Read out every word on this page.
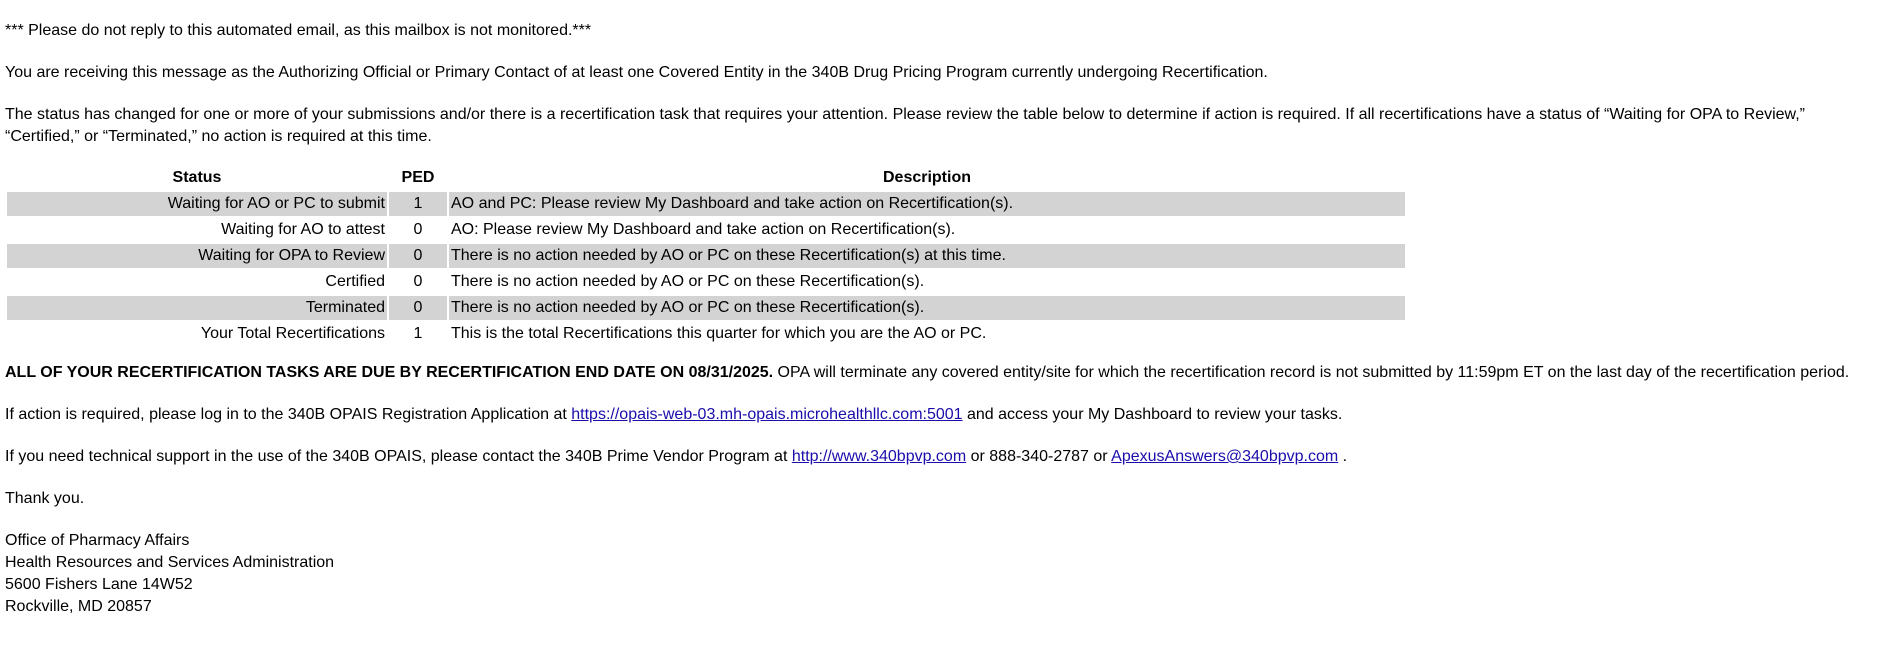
*** Please do not reply to this automated email, as this mailbox is not monitored.***

You are receiving this message as the Authorizing Official or Primary Contact of at least one Covered Entity in the 340B Drug Pricing Program currently undergoing Recertification.

The status has changed for one or more of your submissions and/or there is a recertification task that requires your attention. Please review the table below to determine if action is required. If all recertifications have a status of “Waiting for OPA to Review,” “Certified,” or “Terminated,” no action is required at this time.

Status	PED	Description
Waiting for AO or PC to submit	1	AO and PC: Please review My Dashboard and take action on Recertification(s).
Waiting for AO to attest	0	AO: Please review My Dashboard and take action on Recertification(s).
Waiting for OPA to Review	0	There is no action needed by AO or PC on these Recertification(s) at this time.
Certified	0	There is no action needed by AO or PC on these Recertification(s).
Terminated	0	There is no action needed by AO or PC on these Recertification(s).
Your Total Recertifications	1	This is the total Recertifications this quarter for which you are the AO or PC.

ALL OF YOUR RECERTIFICATION TASKS ARE DUE BY RECERTIFICATION END DATE ON 08/31/2025. OPA will terminate any covered entity/site for which the recertification record is not submitted by 11:59pm ET on the last day of the recertification period.

If action is required, please log in to the 340B OPAIS Registration Application at https://opais-web-03.mh-opais.microhealthllc.com:5001 and access your My Dashboard to review your tasks.

If you need technical support in the use of the 340B OPAIS, please contact the 340B Prime Vendor Program at http://www.340bpvp.com or 888-340-2787 or ApexusAnswers@340bpvp.com .

Thank you.

Office of Pharmacy Affairs

Health Resources and Services Administration

5600 Fishers Lane 14W52

Rockville, MD 20857
